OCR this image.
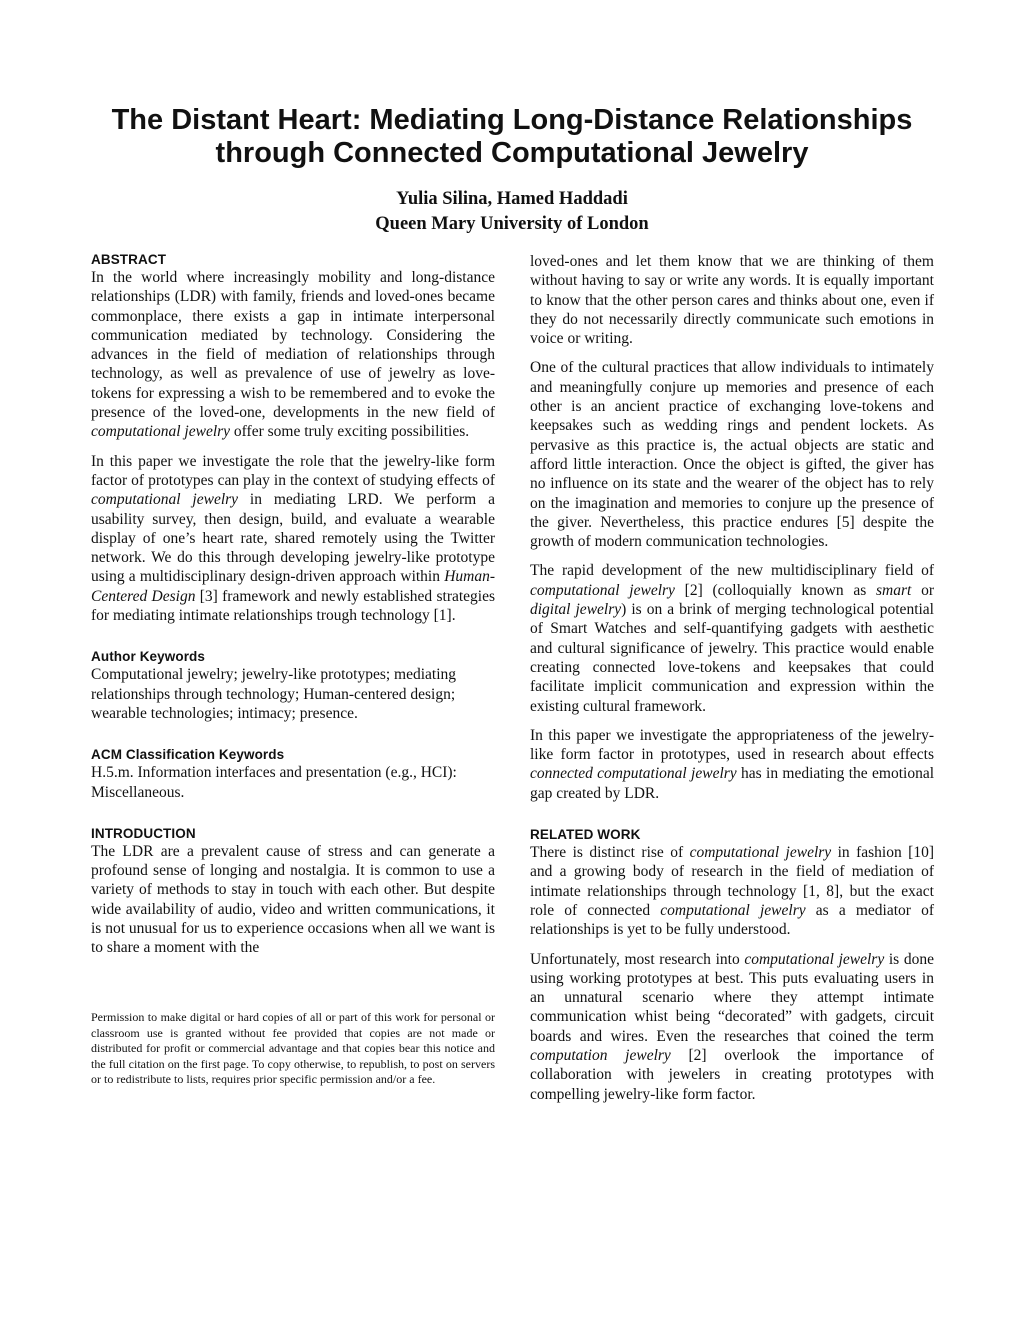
The Distant Heart: Mediating Long-Distance Relationships
through Connected Computational Jewelry
Yulia Silina, Hamed Haddadi
Queen Mary University of London
ABSTRACT

In the world where increasingly mobility and long-distance relationships (LDR) with family, friends and loved-ones became commonplace, there exists a gap in intimate interpersonal communication mediated by technology. Considering the advances in the field of mediation of relationships through technology, as well as prevalence of use of jewelry as love-tokens for expressing a wish to be remembered and to evoke the presence of the loved-one, developments in the new field of computational jewelry offer some truly exciting possibilities.

In this paper we investigate the role that the jewelry-like form factor of prototypes can play in the context of studying effects of computational jewelry in mediating LRD. We perform a usability survey, then design, build, and evaluate a wearable display of one’s heart rate, shared remotely using the Twitter network. We do this through developing jewelry-like prototype using a multidisciplinary design-driven approach within Human-Centered Design [3] framework and newly established strategies for mediating intimate relationships trough technology [1].

Author Keywords

Computational jewelry; jewelry-like prototypes; mediating relationships through technology; Human-centered design; wearable technologies; intimacy; presence.

ACM Classification Keywords

H.5.m. Information interfaces and presentation (e.g., HCI): Miscellaneous.

INTRODUCTION

The LDR are a prevalent cause of stress and can generate a profound sense of longing and nostalgia. It is common to use a variety of methods to stay in touch with each other. But despite wide availability of audio, video and written communications, it is not unusual for us to experience occasions when all we want is to share a moment with the

Permission to make digital or hard copies of all or part of this work for personal or classroom use is granted without fee provided that copies are not made or distributed for profit or commercial advantage and that copies bear this notice and the full citation on the first page. To copy otherwise, to republish, to post on servers or to redistribute to lists, requires prior specific permission and/or a fee.

loved-ones and let them know that we are thinking of them without having to say or write any words. It is equally important to know that the other person cares and thinks about one, even if they do not necessarily directly communicate such emotions in voice or writing.

One of the cultural practices that allow individuals to intimately and meaningfully conjure up memories and presence of each other is an ancient practice of exchanging love-tokens and keepsakes such as wedding rings and pendent lockets. As pervasive as this practice is, the actual objects are static and afford little interaction. Once the object is gifted, the giver has no influence on its state and the wearer of the object has to rely on the imagination and memories to conjure up the presence of the giver. Nevertheless, this practice endures [5] despite the growth of modern communication technologies.

The rapid development of the new multidisciplinary field of computational jewelry [2] (colloquially known as smart or digital jewelry) is on a brink of merging technological potential of Smart Watches and self-quantifying gadgets with aesthetic and cultural significance of jewelry. This practice would enable creating connected love-tokens and keepsakes that could facilitate implicit communication and expression within the existing cultural framework.

In this paper we investigate the appropriateness of the jewelry-like form factor in prototypes, used in research about effects connected computational jewelry has in mediating the emotional gap created by LDR.

RELATED WORK

There is distinct rise of computational jewelry in fashion [10] and a growing body of research in the field of mediation of intimate relationships through technology [1, 8], but the exact role of connected computational jewelry as a mediator of relationships is yet to be fully understood.

Unfortunately, most research into computational jewelry is done using working prototypes at best. This puts evaluating users in an unnatural scenario where they attempt intimate communication whist being “decorated” with gadgets, circuit boards and wires. Even the researches that coined the term computation jewelry [2] overlook the importance of collaboration with jewelers in creating prototypes with compelling jewelry-like form factor.
